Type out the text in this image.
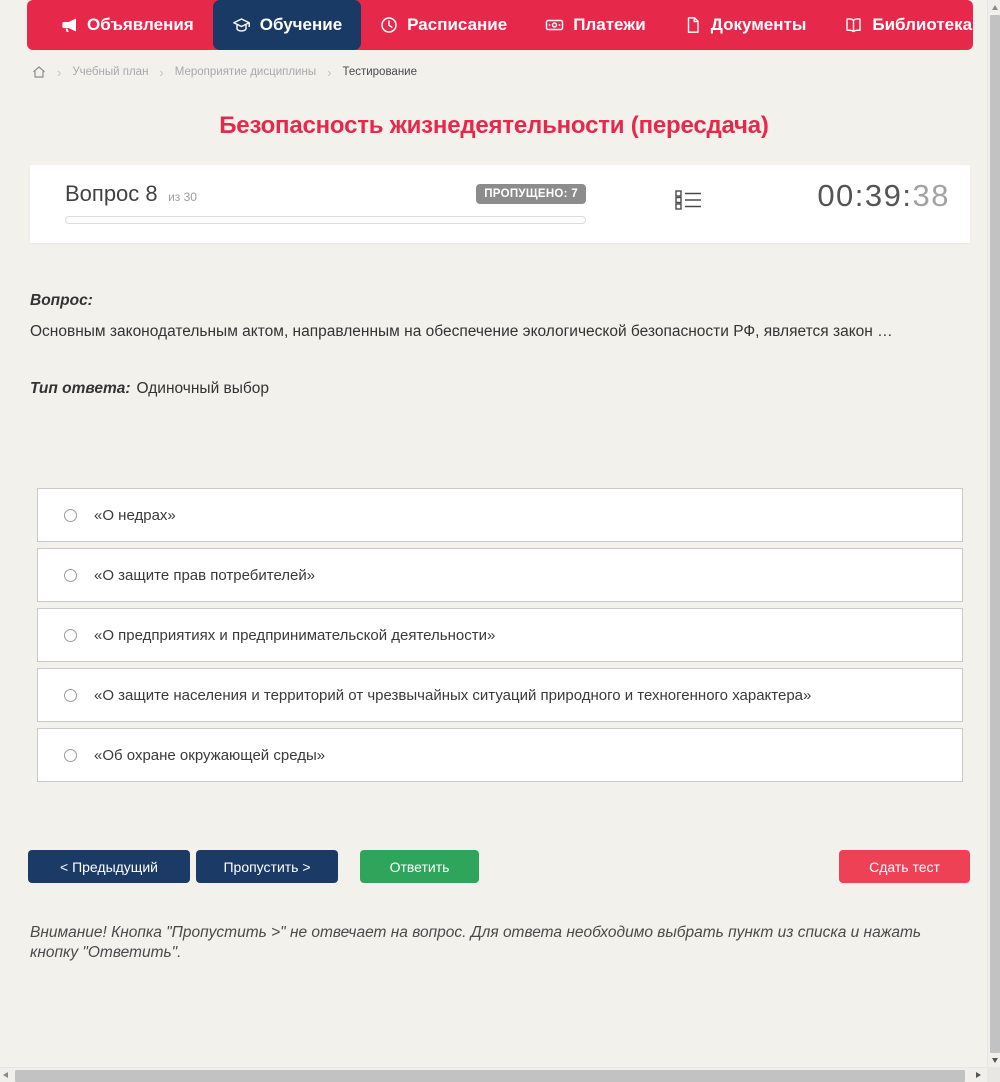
Объявления	Обучение	Расписание	Платежи	Документы	Библиотека
› Учебный план › Мероприятие дисциплины › Тестирование
Безопасность жизнедеятельности (пересдача)
Вопрос 8 из 30	ПРОПУЩЕНО: 7	00:39:38
Вопрос:
Основным законодательным актом, направленным на обеспечение экологической безопасности РФ, является закон …
Тип ответа: Одиночный выбор
«О недрах»
«О защите прав потребителей»
«О предприятиях и предпринимательской деятельности»
«О защите населения и территорий от чрезвычайных ситуаций природного и техногенного характера»
«Об охране окружающей среды»
< Предыдущий	Пропустить >	Ответить	Сдать тест

Внимание! Кнопка "Пропустить >" не отвечает на вопрос. Для ответа необходимо выбрать пункт из списка и нажать кнопку "Ответить".
